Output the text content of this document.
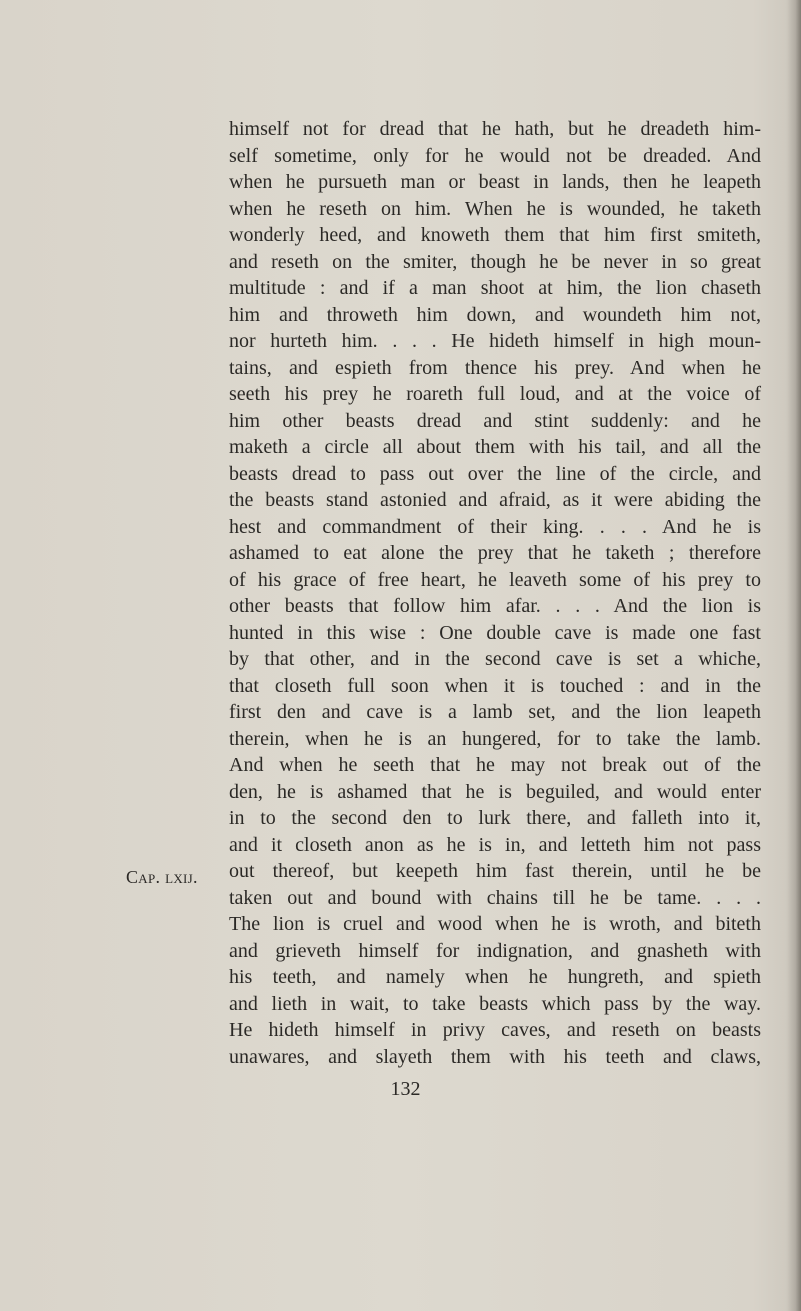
himself not for dread that he hath, but he dreadeth him-
self sometime, only for he would not be dreaded. And
when he pursueth man or beast in lands, then he leapeth
when he reseth on him. When he is wounded, he taketh
wonderly heed, and knoweth them that him first smiteth,
and reseth on the smiter, though he be never in so great
multitude : and if a man shoot at him, the lion chaseth
him and throweth him down, and woundeth him not,
nor hurteth him. . . . He hideth himself in high moun-
tains, and espieth from thence his prey. And when he
seeth his prey he roareth full loud, and at the voice of
him other beasts dread and stint suddenly: and he
maketh a circle all about them with his tail, and all the
beasts dread to pass out over the line of the circle, and
the beasts stand astonied and afraid, as it were abiding the
hest and commandment of their king. . . . And he is
ashamed to eat alone the prey that he taketh ; therefore
of his grace of free heart, he leaveth some of his prey to
other beasts that follow him afar. . . . And the lion is
hunted in this wise : One double cave is made one fast
by that other, and in the second cave is set a whiche,
that closeth full soon when it is touched : and in the
first den and cave is a lamb set, and the lion leapeth
therein, when he is an hungered, for to take the lamb.
And when he seeth that he may not break out of the
den, he is ashamed that he is beguiled, and would enter
in to the second den to lurk there, and falleth into it,
and it closeth anon as he is in, and letteth him not pass
out thereof, but keepeth him fast therein, until he be
taken out and bound with chains till he be tame. . . .
The lion is cruel and wood when he is wroth, and biteth
and grieveth himself for indignation, and gnasheth with
his teeth, and namely when he hungreth, and spieth
and lieth in wait, to take beasts which pass by the way.
He hideth himself in privy caves, and reseth on beasts
unawares, and slayeth them with his teeth and claws,
Cap. lxij.
132
